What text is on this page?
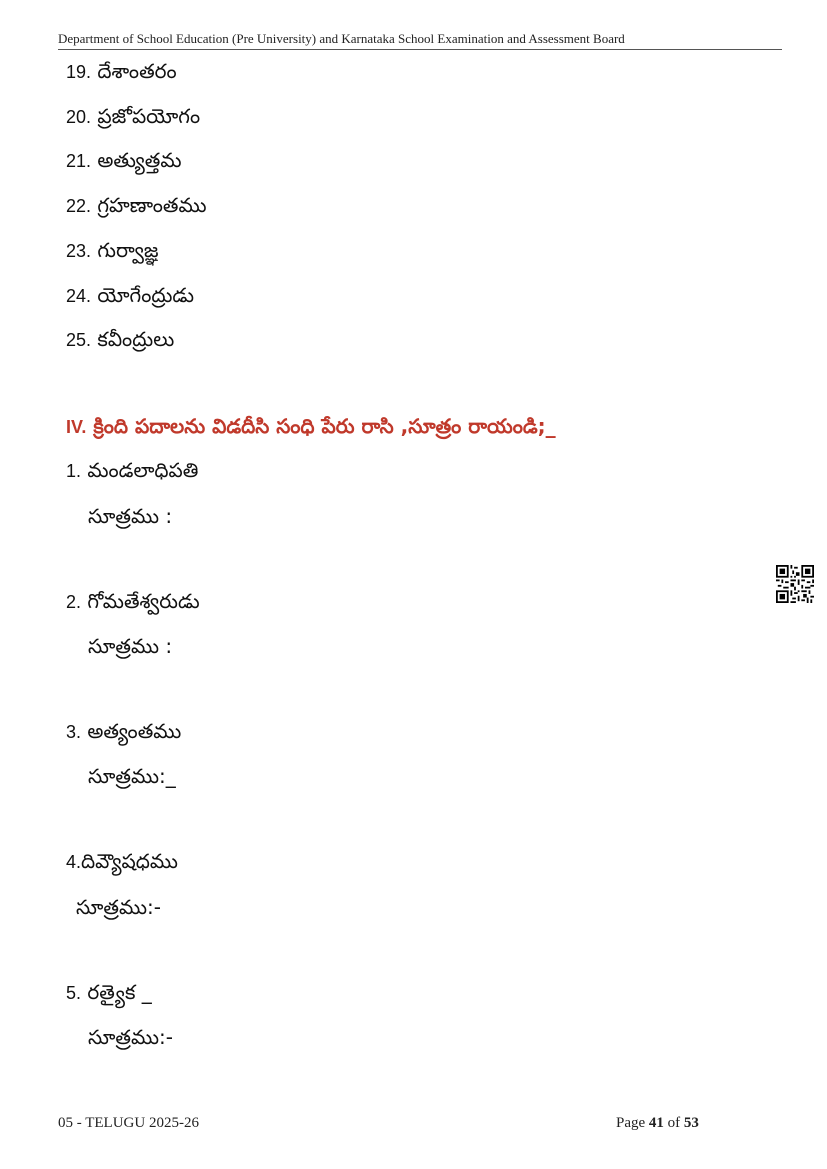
Department of School Education (Pre University) and Karnataka School Examination and Assessment Board
19. దేశాంతరం
20. ప్రజోపయోగం
21. అత్యుత్తమ
22. గ్రహణాంతము
23. గుర్వాజ్ఞ
24. యోగేంద్రుడు
25. కవీంద్రులు
IV. క్రింది పదాలను విడదీసి సంధి పేరు రాసి ,సూత్రం రాయండి;_
1. మండలాధిపతి
సూత్రము :
2. గోమతేశ్వరుడు
సూత్రము :
3. అత్యంతము
సూత్రము:_
4.దివ్యౌషధము
సూత్రము:-
5. రత్యైక _
సూత్రము:-
05 - TELUGU 2025-26	Page 41 of 53
